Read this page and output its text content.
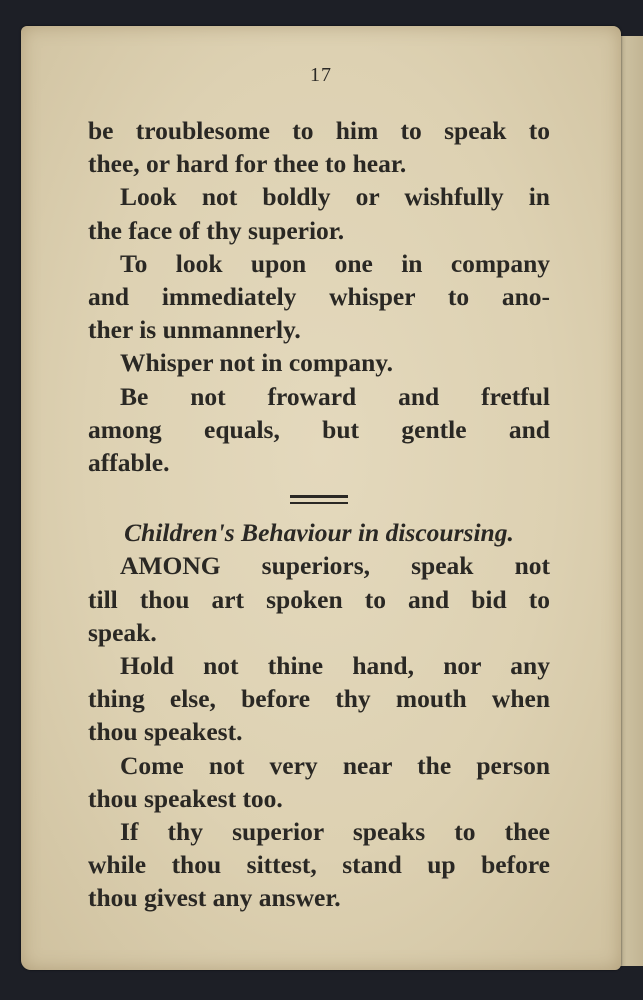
17
be troublesome to him to speak to
thee, or hard for thee to hear.
Look not boldly or wishfully in
the face of thy superior.
To look upon one in company
and immediately whisper to ano-
ther is unmannerly.
Whisper not in company.
Be not froward and fretful
among equals, but gentle and
affable.
Children's Behaviour in discoursing.
AMONG superiors, speak not
till thou art spoken to and bid to
speak.
Hold not thine hand, nor any
thing else, before thy mouth when
thou speakest.
Come not very near the person
thou speakest too.
If thy superior speaks to thee
while thou sittest, stand up before
thou givest any answer.
